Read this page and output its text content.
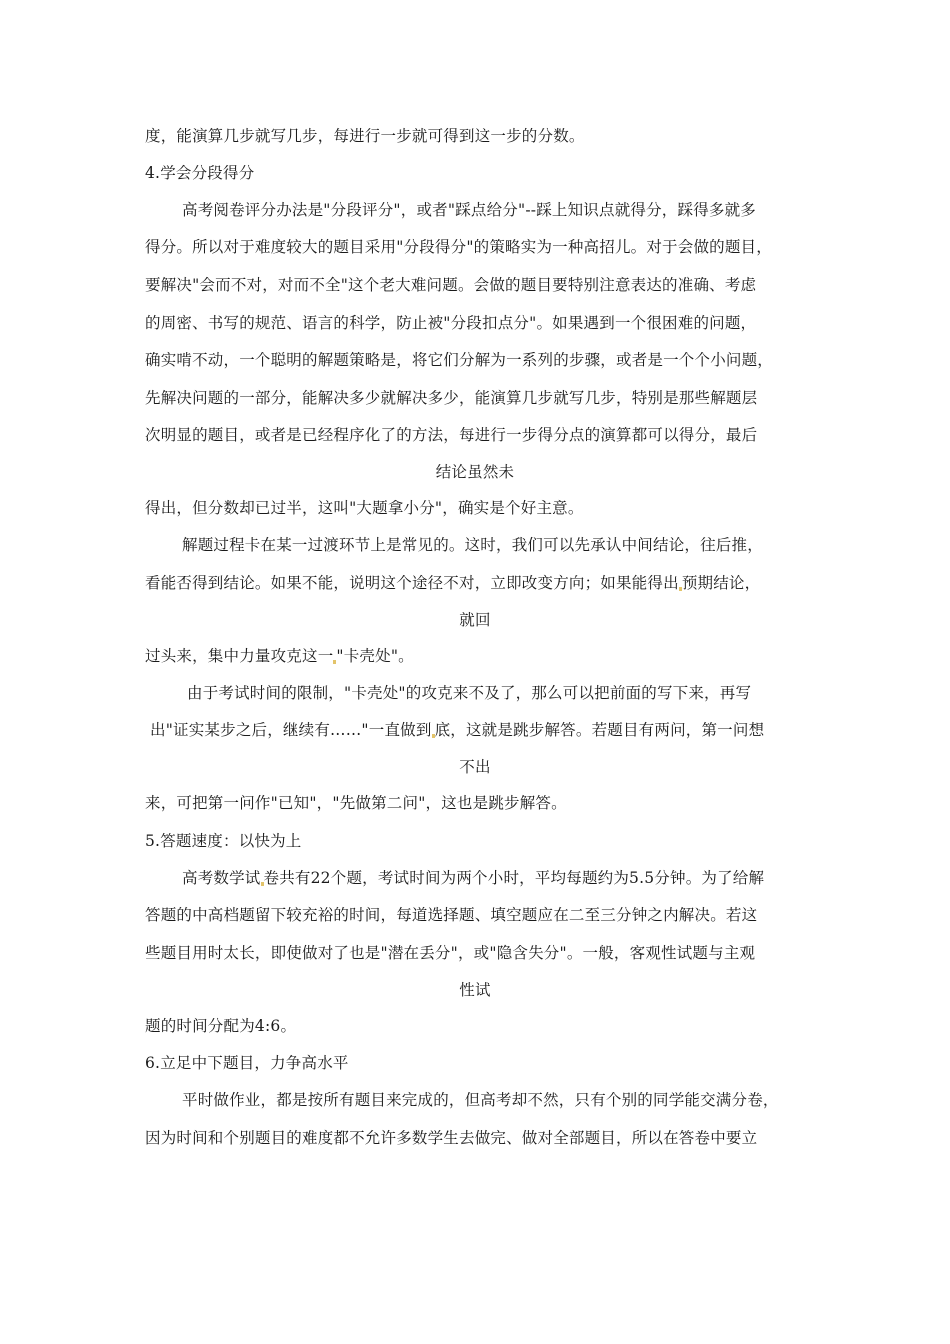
度，能演算几步就写几步，每进行一步就可得到这一步的分数。
4.学会分段得分
高考阅卷评分办法是"分段评分"，或者"踩点给分"--踩上知识点就得分，踩得多就多
得分。所以对于难度较大的题目采用"分段得分"的策略实为一种高招儿。对于会做的题目，
要解决"会而不对，对而不全"这个老大难问题。会做的题目要特别注意表达的准确、考虑
的周密、书写的规范、语言的科学，防止被"分段扣点分"。如果遇到一个很困难的问题，
确实啃不动，一个聪明的解题策略是，将它们分解为一系列的步骤，或者是一个个小问题，
先解决问题的一部分，能解决多少就解决多少，能演算几步就写几步，特别是那些解题层
次明显的题目，或者是已经程序化了的方法，每进行一步得分点的演算都可以得分，最后
结论虽然未
得出，但分数却已过半，这叫"大题拿小分"，确实是个好主意。
解题过程卡在某一过渡环节上是常见的。这时，我们可以先承认中间结论，往后推，
看能否得到结论。如果不能，说明这个途径不对，立即改变方向；如果能得出 预期结论，
就回
过头来，集中力量攻克这一 "卡壳处"。
由于考试时间的限制，"卡壳处"的攻克来不及了，那么可以把前面的写下来，再写
出"证实某步之后，继续有……"一直做到 底，这就是跳步解答。若题目有两问，第一问想
不出
来，可把第一问作"已知"，"先做第二问"，这也是跳步解答。
5.答题速度：以快为上
高考数学试 卷共有22个题，考试时间为两个小时，平均每题约为5.5分钟。为了给解
答题的中高档题留下较充裕的时间，每道选择题、填空题应在二至三分钟之内解决。若这
些题目用时太长，即使做对了也是"潜在丢分"，或"隐含失分"。一般，客观性试题与主观
性试
题的时间分配为4:6。
6.立足中下题目，力争高水平
平时做作业，都是按所有题目来完成的，但高考却不然，只有个别的同学能交满分卷，
因为时间和个别题目的难度都不允许多数学生去做完、做对全部题目，所以在答卷中要立
